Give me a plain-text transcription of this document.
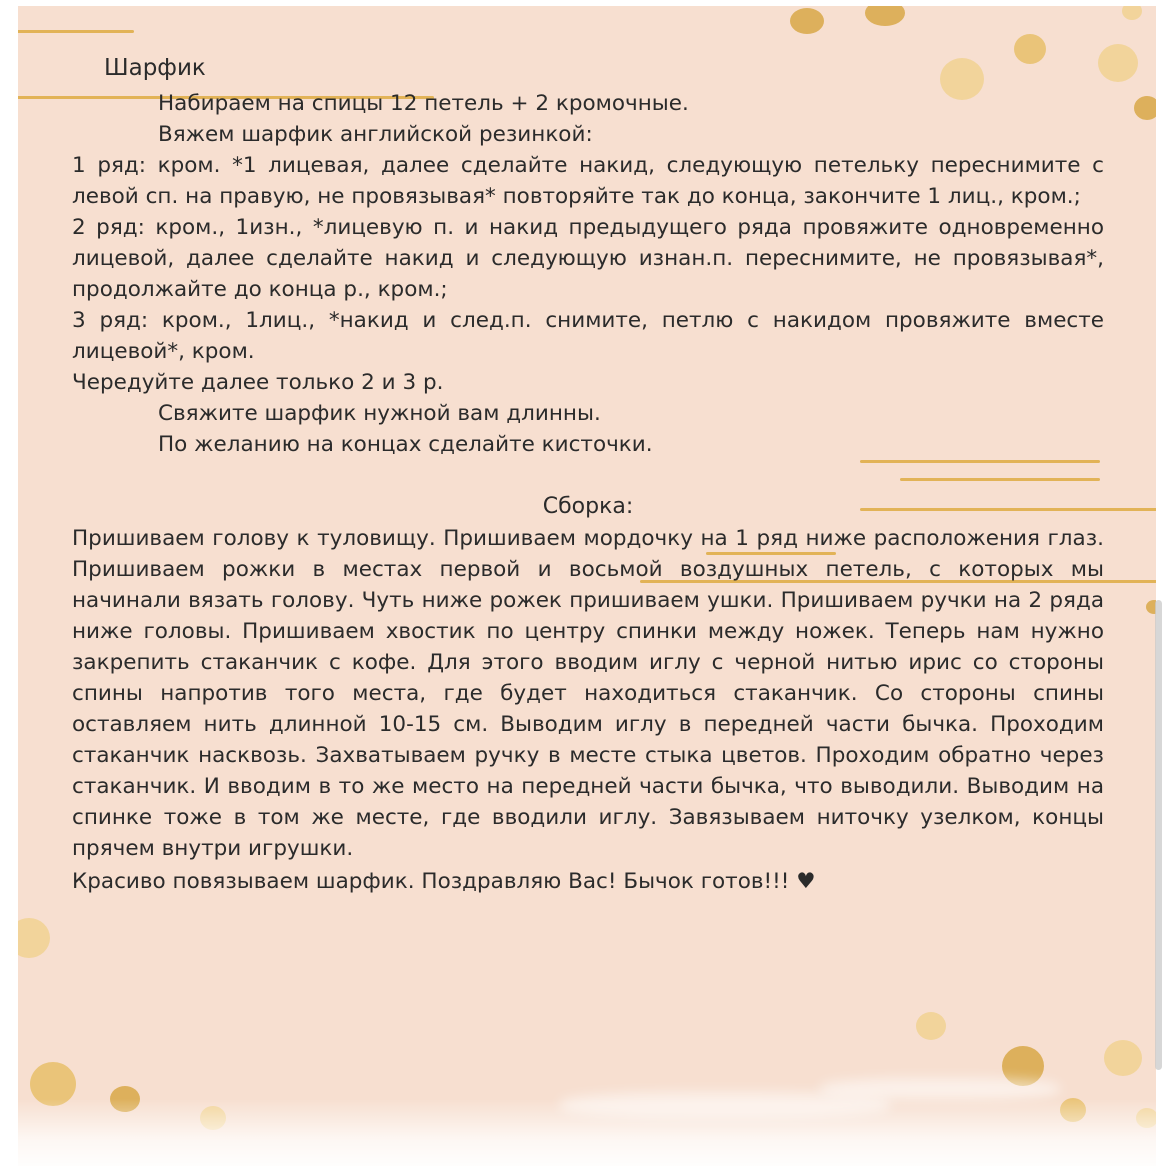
Шарфик

Набираем на спицы 12 петель + 2 кромочные.

Вяжем шарфик английской резинкой:

1 ряд: кром. *1 лицевая, далее сделайте накид, следующую петельку переснимите с левой сп. на правую, не провязывая* повторяйте так до конца, закончите 1 лиц., кром.;

2 ряд: кром., 1изн., *лицевую п. и накид предыдущего ряда провяжите одновременно лицевой, далее сделайте накид и следующую изнан.п. переснимите, не провязывая*, продолжайте до конца р., кром.;

3 ряд: кром., 1лиц., *накид и след.п. снимите, петлю с накидом провяжите вместе лицевой*, кром.

Чередуйте далее только 2 и 3 р.

Свяжите шарфик нужной вам длинны.

По желанию на концах сделайте кисточки.

Сборка:

Пришиваем голову к туловищу. Пришиваем мордочку на 1 ряд ниже расположения глаз. Пришиваем рожки в местах первой и восьмой воздушных петель, с которых мы начинали вязать голову. Чуть ниже рожек пришиваем ушки. Пришиваем ручки на 2 ряда ниже головы. Пришиваем хвостик по центру спинки между ножек. Теперь нам нужно закрепить стаканчик с кофе. Для этого вводим иглу с черной нитью ирис со стороны спины напротив того места, где будет находиться стаканчик. Со стороны спины оставляем нить длинной 10-15 см. Выводим иглу в передней части бычка. Проходим стаканчик насквозь. Захватываем ручку в месте стыка цветов. Проходим обратно через стаканчик. И вводим в то же место на передней части бычка, что выводили. Выводим на спинке тоже в том же месте, где вводили иглу. Завязываем ниточку узелком, концы прячем внутри игрушки.

Красиво повязываем шарфик. Поздравляю Вас! Бычок готов!!! ♥
